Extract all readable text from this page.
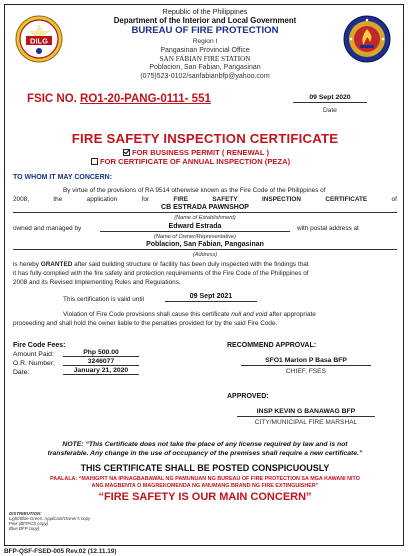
DILG
Republic of the Philippines
Department of the Interior and Local Government
BUREAU OF FIRE PROTECTION
Region I
Pangasinan Provincial Office
SAN FABIAN FIRE STATION
Poblacion, San Fabian, Pangasinan
(075)523-0102/sanfabianbfp@yahoo.com
FSIC NO. RO1-20-PANG-0111- 551	09 Sept 2020
Date
FIRE SAFETY INSPECTION CERTIFICATE
FOR BUSINESS PERMIT ( RENEWAL )
FOR CERTIFICATE OF ANNUAL INSPECTION (PEZA)
TO WHOM IT MAY CONCERN:
By virtue of the provisions of RA 9514 otherwise known as the Fire Code of the Philippines of
2008,	the	application	for	FIRE	SAFETY	INSPECTION	CERTIFICATE	of
CB ESTRADA PAWNSHOP
(Name of Establishment)
owned and managed by	Edward Estrada	with postal address at
(Name of Owner/Representative)
Poblacion, San Fabian, Pangasinan
(Address)
is hereby GRANTED after said building structure or facility has been duly inspected with the findings that
it has fully complied with the fire safety and protection requirements of the Fire Code of the Philippines of
2008 and its Revised Implementing Rules and Regulations.
This certification is valid until	09 Sept 2021
Violation of Fire Code provisions shall cause this certificate null and void after appropriate
proceeding and shall hold the owner liable to the penalties provided for by the said Fire Code.
Fire Code Fees:
Amount Paid:	Php 500.00
O.R. Number:	3246077
Date:	January 21, 2020
RECOMMEND APPROVAL:
SFO1 Marlon P Basa BFP
CHIEF, FSES
APPROVED:
INSP KEVIN G BANAWAG BFP
CITY/MUNICIPAL FIRE MARSHAL
NOTE: “This Certificate does not take the place of any license required by law and is not
transferable. Any change in the use of occupancy of the premises shall require a new certificate.”
THIS CERTIFICATE SHALL BE POSTED CONSPICUOUSLY
PAALALA: “MAHIGPIT NA IPINAGBABAWAL NG PAMUNUAN NG BUREAU OF FIRE PROTECTION SA MGA KAWANI NITO
ANG MAGBENTA O MAGREKOMENDA NG ANUMANG BRAND NG FIRE EXTINGUISHER”
“FIRE SAFETY IS OUR MAIN CONCERN”
DISTRIBUTION:
Light/Blue-Green: Applicant/Owner's copy
Pink (BFP/CS copy)
Blue BFP copy)
BFP-QSF-FSED-005 Rev.02 (12.11.19)
